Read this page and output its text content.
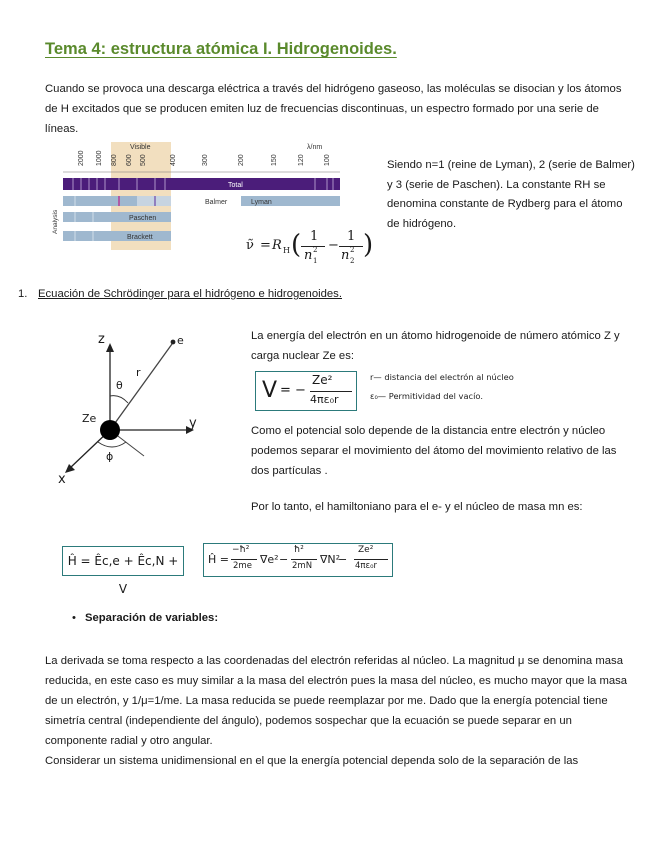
Tema 4: estructura atómica I. Hidrogenoides.
Cuando se provoca una descarga eléctrica a través del hidrógeno gaseoso, las moléculas se disocian y los átomos de H excitados que se producen emiten luz de frecuencias discontinuas, un espectro formado por una serie de líneas.
Visible	λ/nm
2000 1000 800 600 500	400	300	200	150	120	100
Total
Analysis
Balmer	Lyman
Paschen
Brackett
ν̃ = R H ( 1
n 2
1
−
1
n 2
2
)
Siendo n=1 (reine de Lyman), 2 (serie de Balmer) y 3 (serie de Paschen). La constante RH se denomina constante de Rydberg para el átomo de hidrógeno.
1. Ecuación de Schrödinger para el hidrógeno e hidrogenoides.
z	e
r
θ
Ze	y
ϕ
x
La energía del electrón en un átomo hidrogenoide de número atómico Z y carga nuclear Ze es:
V = −
Ze²
4πε₀r
r— distancia del electrón al núcleo
ε₀— Permitividad del vacío.
Como el potencial solo depende de la distancia entre electrón y núcleo podemos separar el movimiento del átomo del movimiento relativo de las dos partículas .
Por lo tanto, el hamiltoniano para el e- y el núcleo de masa mn es:
Ĥ = Êc,e + Êc,N + V
Ĥ =
−ħ²
2me ∇e² −
ħ²
2mN ∇N²
−
Ze²
4πε₀r
• Separación de variables:
La derivada se toma respecto a las coordenadas del electrón referidas al núcleo. La magnitud μ se denomina masa reducida, en este caso es muy similar a la masa del electrón pues la masa del núcleo, es mucho mayor que la masa de un electrón, y 1/μ=1/me. La masa reducida se puede reemplazar por me. Dado que la energía potencial tiene simetría central (independiente del ángulo), podemos sospechar que la ecuación se puede separar en un componente radial y otro angular.
Considerar un sistema unidimensional en el que la energía potencial dependa solo de la separación de las
